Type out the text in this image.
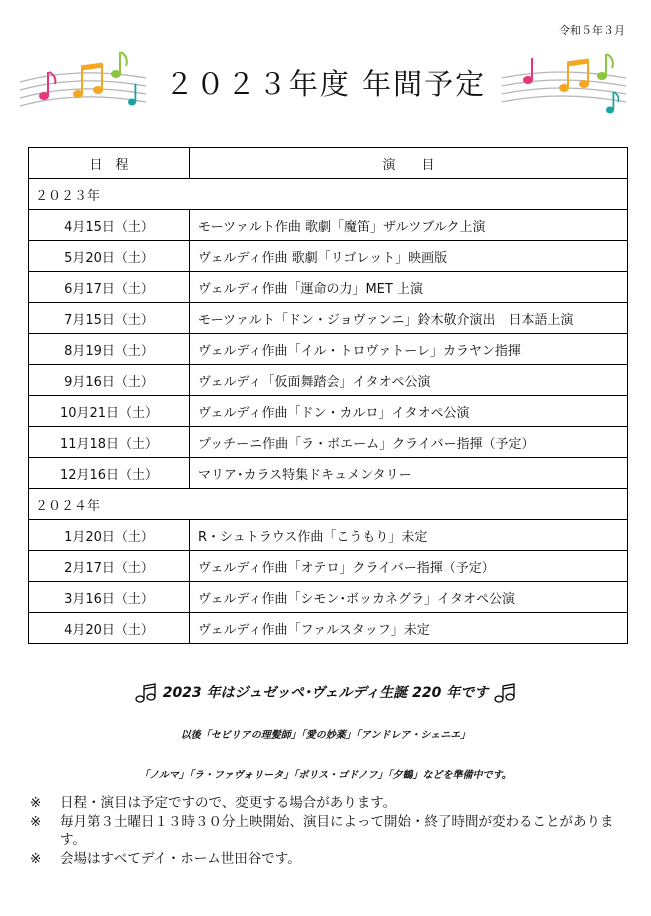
令和５年３月
２０２３年度 年間予定
日　程	演　　目
２０２３年	
4月15日（土）	モーツァルト作曲 歌劇「魔笛」ザルツブルク上演
5月20日（土）	ヴェルディ作曲 歌劇「リゴレット」映画版
6月17日（土）	ヴェルディ作曲「運命の力」MET 上演
7月15日（土）	モーツァルト「ドン・ジョヴァンニ」鈴木敬介演出　日本語上演
8月19日（土）	ヴェルディ作曲「イル・トロヴァトーレ」カラヤン指揮
9月16日（土）	ヴェルディ「仮面舞踏会」イタオペ公演
10月21日（土）	ヴェルディ作曲「ドン・カルロ」イタオペ公演
11月18日（土）	プッチーニ作曲「ラ・ボエーム」クライバー指揮（予定）
12月16日（土）	マリア･カラス特集ドキュメンタリー
２０２４年	
1月20日（土）	R・シュトラウス作曲「こうもり」未定
2月17日（土）	ヴェルディ作曲「オテロ」クライバー指揮（予定）
3月16日（土）	ヴェルディ作曲「シモン･ボッカネグラ」イタオペ公演
4月20日（土）	ヴェルディ作曲「ファルスタッフ」未定
2023 年はジュゼッペ･ヴェルディ生誕 220 年です
以後「セビリアの理髪師」「愛の妙薬」「アンドレア・シェニエ」
「ノルマ」「ラ・ファヴォリータ」「ボリス・ゴドノフ」「夕鶴」などを準備中です。
※	日程・演目は予定ですので、変更する場合があります。
※	毎月第３土曜日１３時３０分上映開始、演目によって開始・終了時間が変わることがあります。
※	会場はすべてデイ・ホーム世田谷です。
